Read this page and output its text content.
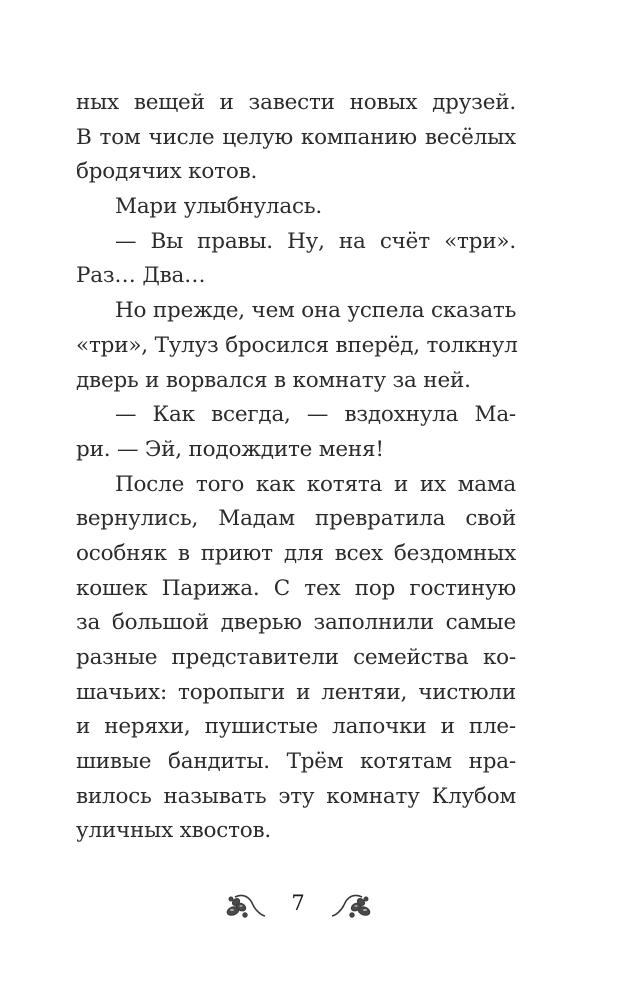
ных вещей и завести новых друзей.
В том числе целую компанию весёлых
бродячих котов.
Мари улыбнулась.
— Вы правы. Ну, на счёт «три».
Раз… Два…
Но прежде, чем она успела сказать
«три», Тулуз бросился вперёд, толкнул
дверь и ворвался в комнату за ней.
— Как всегда, — вздохнула Ма-
ри. — Эй, подождите меня!
После того как котята и их мама
вернулись, Мадам превратила свой
особняк в приют для всех бездомных
кошек Парижа. С тех пор гостиную
за большой дверью заполнили самые
разные представители семейства ко-
шачьих: торопыги и лентяи, чистюли
и неряхи, пушистые лапочки и пле-
шивые бандиты. Трём котятам нра-
вилось называть эту комнату Клубом
уличных хвостов.
7
